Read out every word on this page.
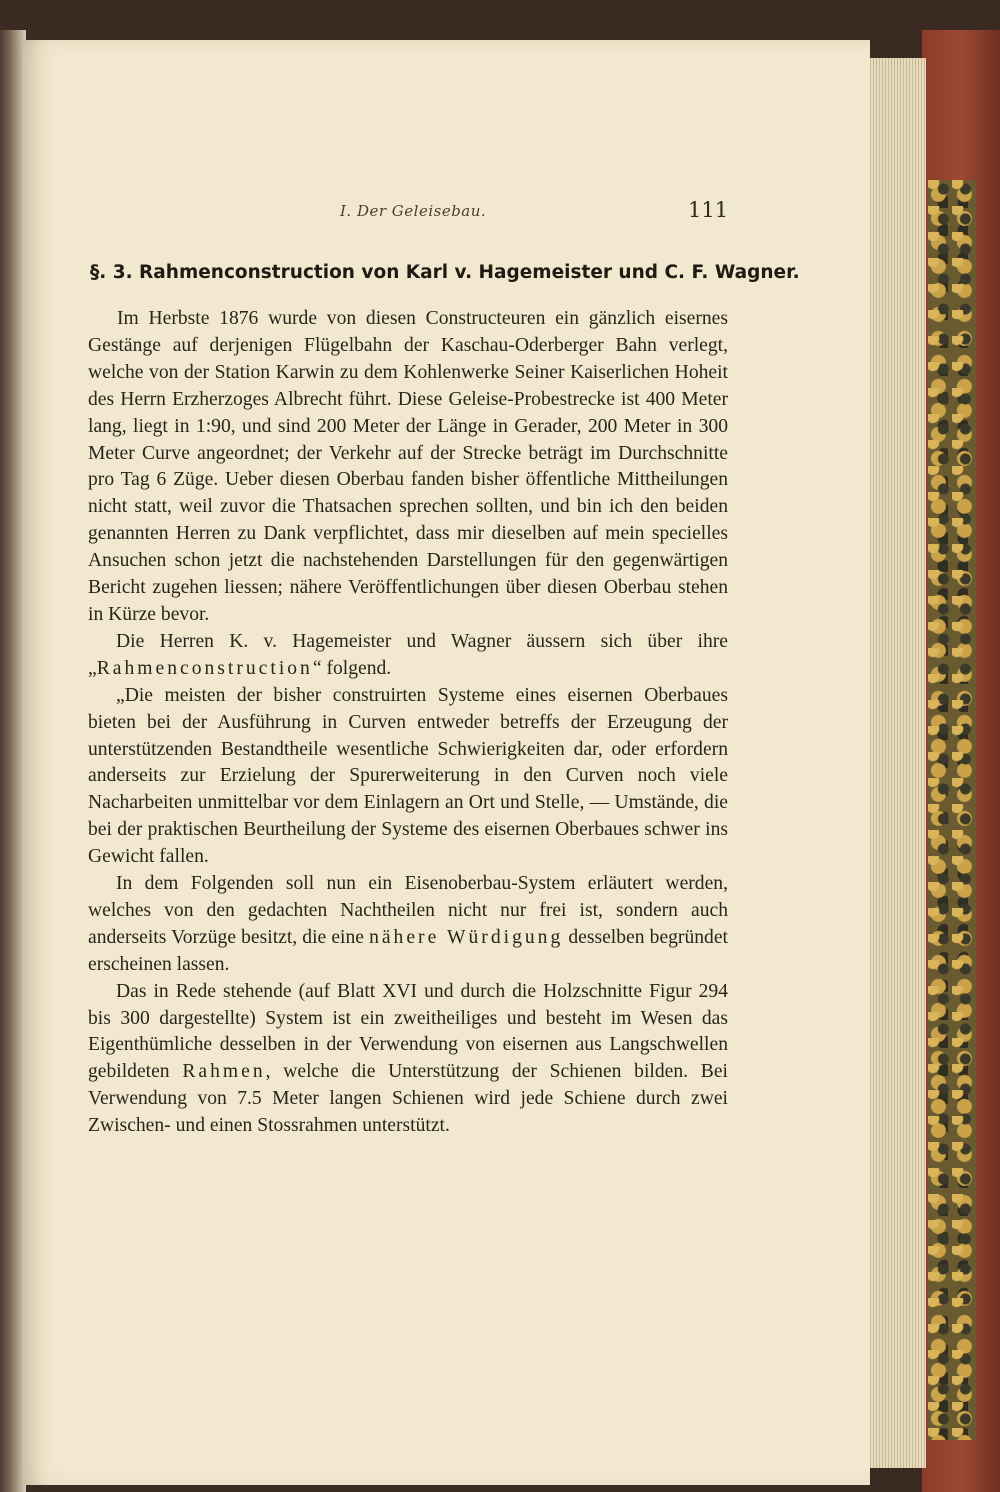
I. Der Geleisebau.	111
§. 3. Rahmenconstruction von Karl v. Hagemeister und C. F. Wagner.

Im Herbste 1876 wurde von diesen Constructeuren ein gänzlich eisernes Gestänge auf derjenigen Flügelbahn der Kaschau-Oderberger Bahn verlegt, welche von der Station Karwin zu dem Kohlenwerke Seiner Kaiserlichen Hoheit des Herrn Erzherzoges Albrecht führt. Diese Geleise-Probestrecke ist 400 Meter lang, liegt in 1:90, und sind 200 Meter der Länge in Gerader, 200 Meter in 300 Meter Curve angeordnet; der Verkehr auf der Strecke beträgt im Durchschnitte pro Tag 6 Züge. Ueber diesen Oberbau fanden bisher öffentliche Mittheilungen nicht statt, weil zuvor die Thatsachen sprechen sollten, und bin ich den beiden genannten Herren zu Dank verpflichtet, dass mir dieselben auf mein specielles Ansuchen schon jetzt die nachstehenden Darstellungen für den gegenwärtigen Bericht zugehen liessen; nähere Veröffentlichungen über diesen Oberbau stehen in Kürze bevor.

Die Herren K. v. Hagemeister und Wagner äussern sich über ihre „Rahmenconstruction“ folgend.

„Die meisten der bisher construirten Systeme eines eisernen Oberbaues bieten bei der Ausführung in Curven entweder betreffs der Erzeugung der unterstützenden Bestandtheile wesentliche Schwierigkeiten dar, oder erfordern anderseits zur Erzielung der Spurerweiterung in den Curven noch viele Nacharbeiten unmittelbar vor dem Einlagern an Ort und Stelle, — Umstände, die bei der praktischen Beurtheilung der Systeme des eisernen Oberbaues schwer ins Gewicht fallen.

In dem Folgenden soll nun ein Eisenoberbau-System erläutert werden, welches von den gedachten Nachtheilen nicht nur frei ist, sondern auch anderseits Vorzüge besitzt, die eine nähere Würdigung desselben begründet erscheinen lassen.

Das in Rede stehende (auf Blatt XVI und durch die Holzschnitte Figur 294 bis 300 dargestellte) System ist ein zweitheiliges und besteht im Wesen das Eigenthümliche desselben in der Verwendung von eisernen aus Langschwellen gebildeten Rahmen, welche die Unterstützung der Schienen bilden. Bei Verwendung von 7.5 Meter langen Schienen wird jede Schiene durch zwei Zwischen- und einen Stossrahmen unterstützt.
